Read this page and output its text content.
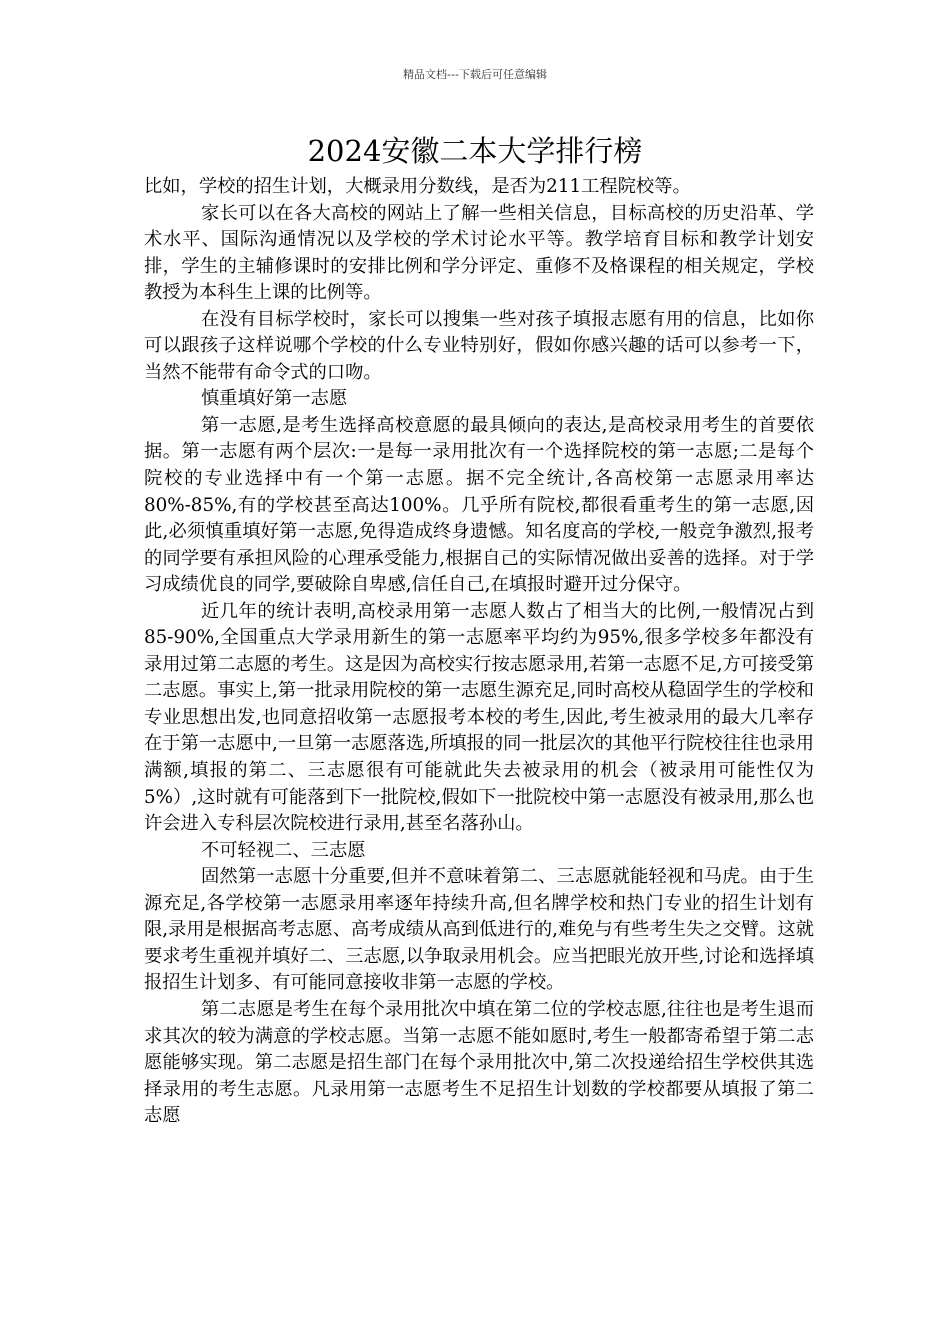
精品文档---下载后可任意编辑
2024安徽二本大学排行榜

比如，学校的招生计划，大概录用分数线，是否为211工程院校等。

家长可以在各大高校的网站上了解一些相关信息，目标高校的历史沿革、学术水平、国际沟通情况以及学校的学术讨论水平等。教学培育目标和教学计划安排，学生的主辅修课时的安排比例和学分评定、重修不及格课程的相关规定，学校教授为本科生上课的比例等。

在没有目标学校时，家长可以搜集一些对孩子填报志愿有用的信息，比如你可以跟孩子这样说哪个学校的什么专业特别好，假如你感兴趣的话可以参考一下，当然不能带有命令式的口吻。

慎重填好第一志愿

第一志愿,是考生选择高校意愿的最具倾向的表达,是高校录用考生的首要依据。第一志愿有两个层次:一是每一录用批次有一个选择院校的第一志愿;二是每个院校的专业选择中有一个第一志愿。据不完全统计,各高校第一志愿录用率达80%-85%,有的学校甚至高达100%。几乎所有院校,都很看重考生的第一志愿,因此,必须慎重填好第一志愿,免得造成终身遗憾。知名度高的学校,一般竞争激烈,报考的同学要有承担风险的心理承受能力,根据自己的实际情况做出妥善的选择。对于学习成绩优良的同学,要破除自卑感,信任自己,在填报时避开过分保守。

近几年的统计表明,高校录用第一志愿人数占了相当大的比例,一般情况占到85-90%,全国重点大学录用新生的第一志愿率平均约为95%,很多学校多年都没有录用过第二志愿的考生。这是因为高校实行按志愿录用,若第一志愿不足,方可接受第二志愿。事实上,第一批录用院校的第一志愿生源充足,同时高校从稳固学生的学校和专业思想出发,也同意招收第一志愿报考本校的考生,因此,考生被录用的最大几率存在于第一志愿中,一旦第一志愿落选,所填报的同一批层次的其他平行院校往往也录用满额,填报的第二、三志愿很有可能就此失去被录用的机会（被录用可能性仅为5%）,这时就有可能落到下一批院校,假如下一批院校中第一志愿没有被录用,那么也许会进入专科层次院校进行录用,甚至名落孙山。

不可轻视二、三志愿

固然第一志愿十分重要,但并不意味着第二、三志愿就能轻视和马虎。由于生源充足,各学校第一志愿录用率逐年持续升高,但名牌学校和热门专业的招生计划有限,录用是根据高考志愿、高考成绩从高到低进行的,难免与有些考生失之交臂。这就要求考生重视并填好二、三志愿,以争取录用机会。应当把眼光放开些,讨论和选择填报招生计划多、有可能同意接收非第一志愿的学校。

第二志愿是考生在每个录用批次中填在第二位的学校志愿,往往也是考生退而求其次的较为满意的学校志愿。当第一志愿不能如愿时,考生一般都寄希望于第二志愿能够实现。第二志愿是招生部门在每个录用批次中,第二次投递给招生学校供其选择录用的考生志愿。凡录用第一志愿考生不足招生计划数的学校都要从填报了第二志愿
